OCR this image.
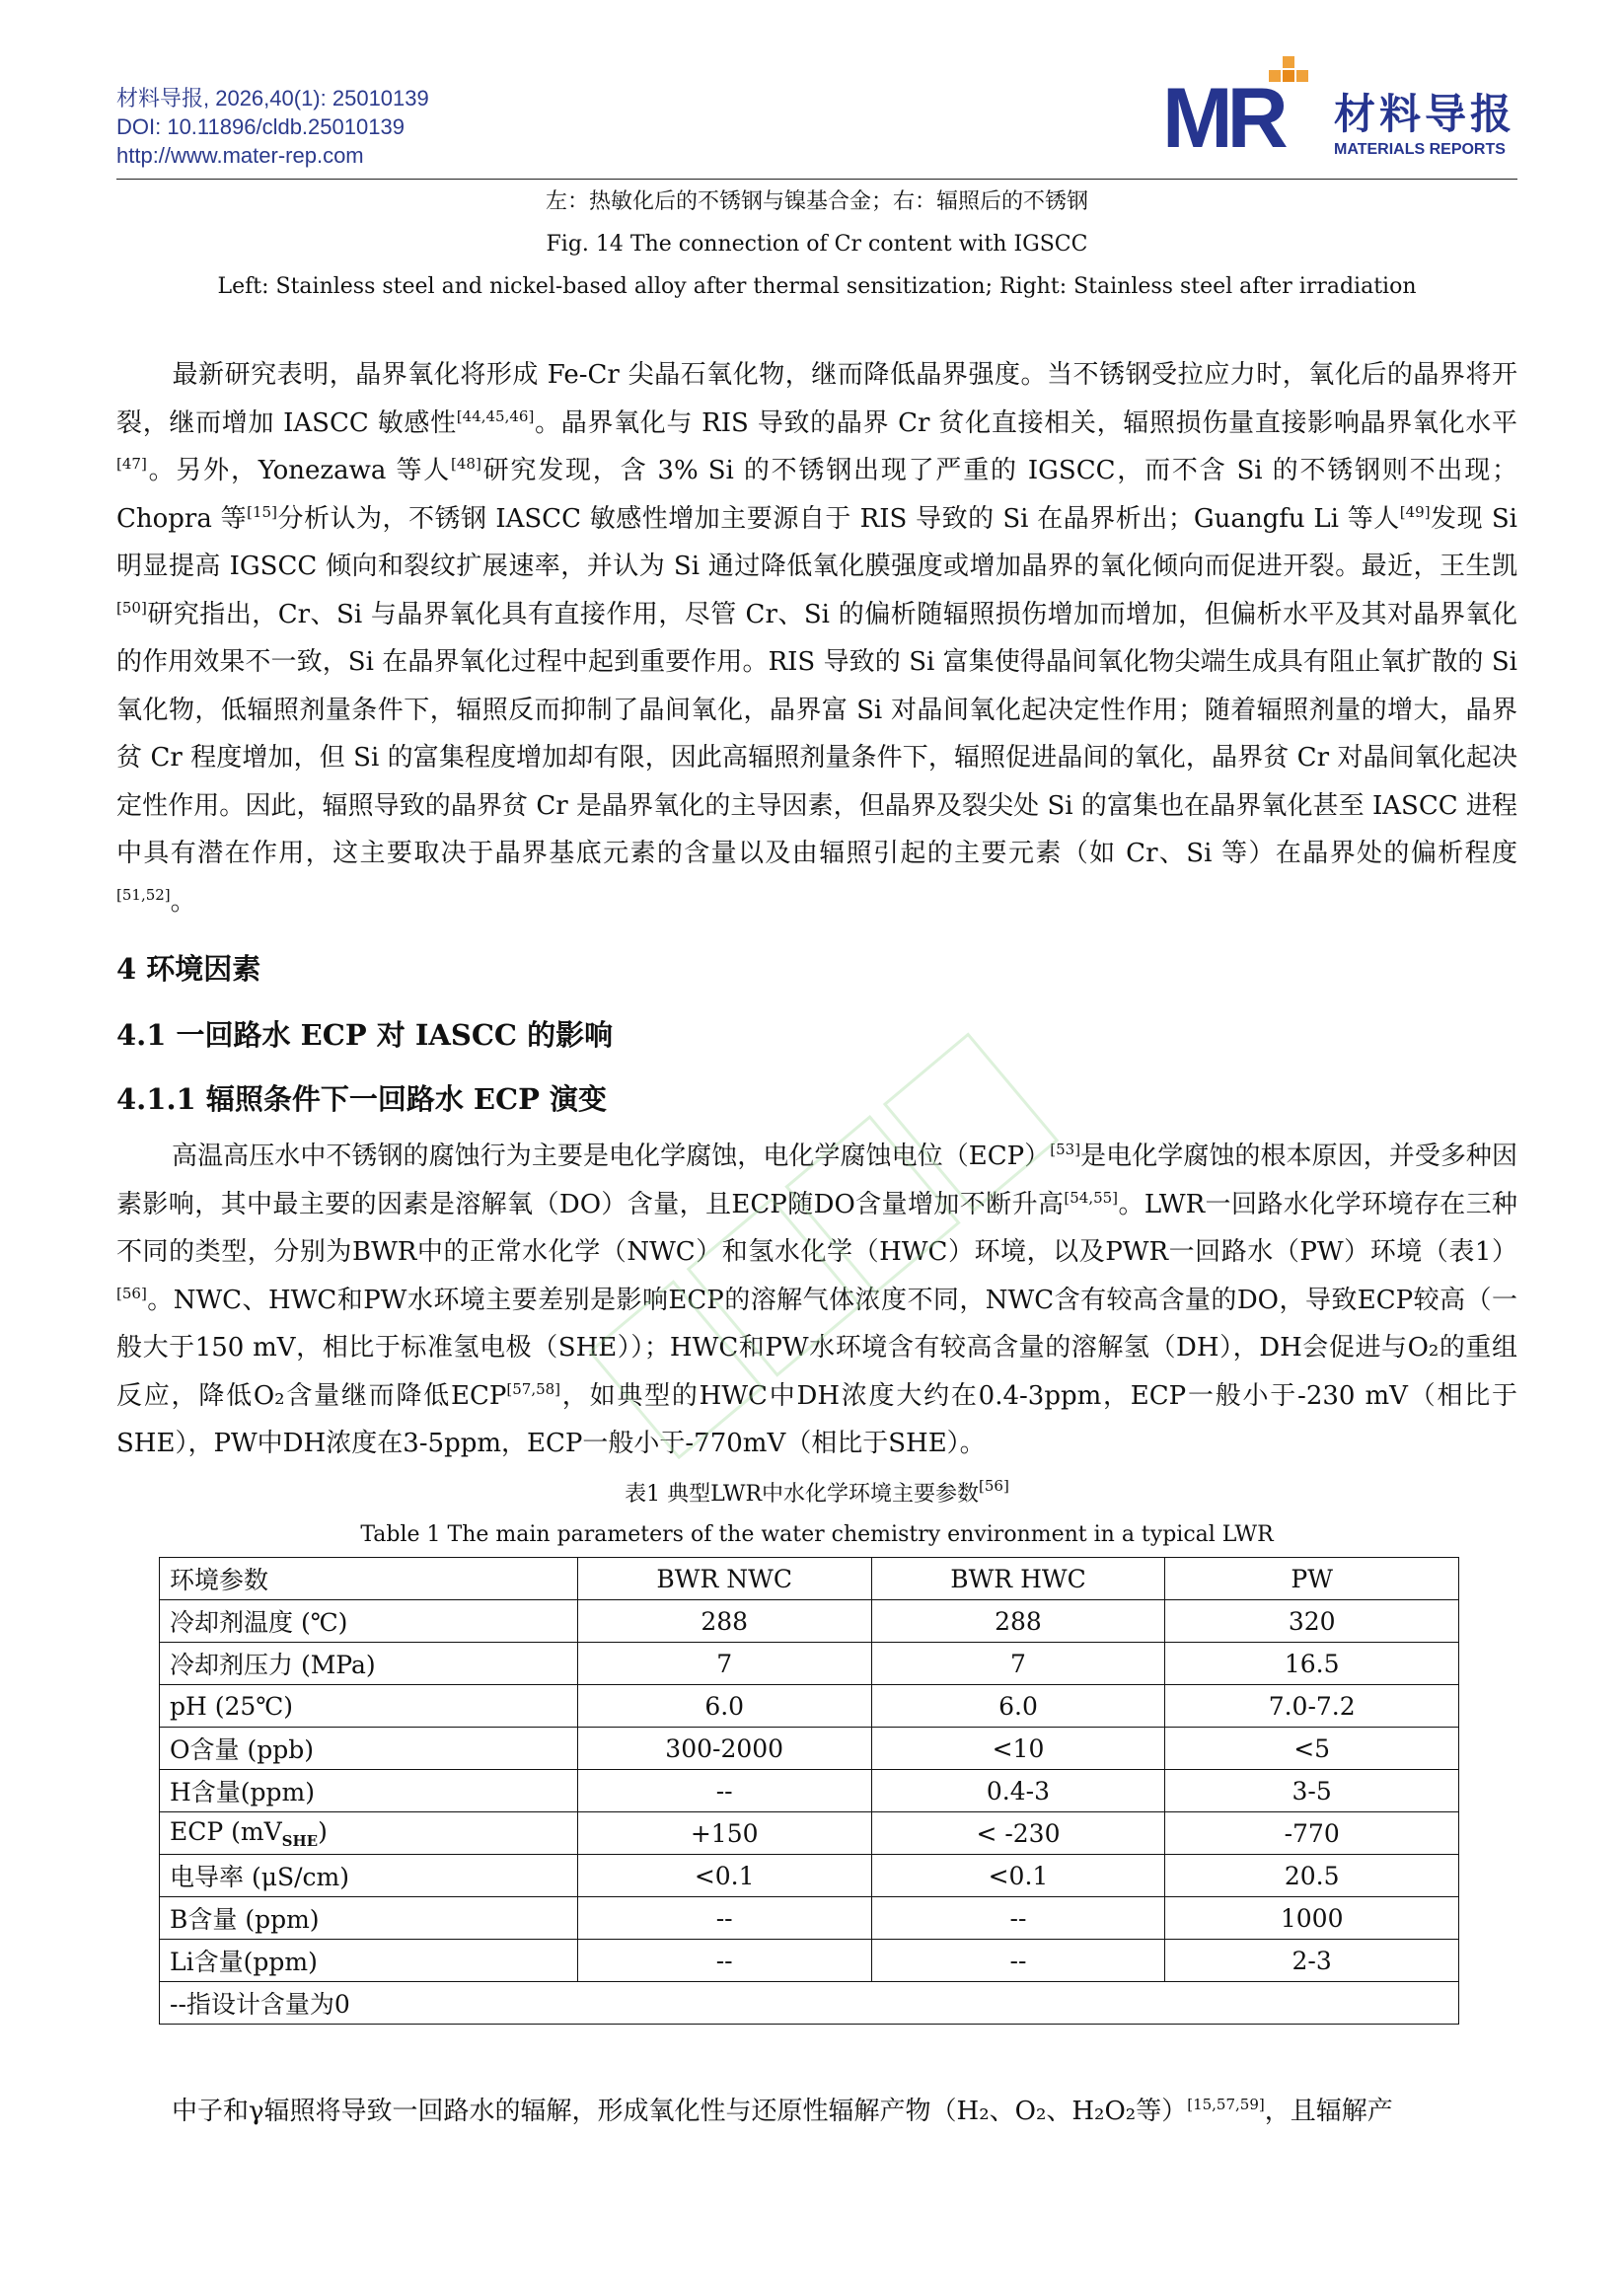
材料导报, 2026,40(1): 25010139
DOI: 10.11896/cldb.25010139
http://www.mater-rep.com	MR 材料导报
MATERIALS REPORTS
左：热敏化后的不锈钢与镍基合金；右：辐照后的不锈钢
Fig. 14 The connection of Cr content with IGSCC
Left: Stainless steel and nickel-based alloy after thermal sensitization; Right: Stainless steel after irradiation
最新研究表明，晶界氧化将形成 Fe-Cr 尖晶石氧化物，继而降低晶界强度。当不锈钢受拉应力时，氧化后的晶界将开裂，继而增加 IASCC 敏感性[44,45,46]。晶界氧化与 RIS 导致的晶界 Cr 贫化直接相关，辐照损伤量直接影响晶界氧化水平[47]。另外，Yonezawa 等人[48]研究发现，含 3% Si 的不锈钢出现了严重的 IGSCC，而不含 Si 的不锈钢则不出现；Chopra 等[15]分析认为，不锈钢 IASCC 敏感性增加主要源自于 RIS 导致的 Si 在晶界析出；Guangfu Li 等人[49]发现 Si 明显提高 IGSCC 倾向和裂纹扩展速率，并认为 Si 通过降低氧化膜强度或增加晶界的氧化倾向而促进开裂。最近，王生凯[50]研究指出，Cr、Si 与晶界氧化具有直接作用，尽管 Cr、Si 的偏析随辐照损伤增加而增加，但偏析水平及其对晶界氧化的作用效果不一致，Si 在晶界氧化过程中起到重要作用。RIS 导致的 Si 富集使得晶间氧化物尖端生成具有阻止氧扩散的 Si 氧化物，低辐照剂量条件下，辐照反而抑制了晶间氧化，晶界富 Si 对晶间氧化起决定性作用；随着辐照剂量的增大，晶界贫 Cr 程度增加，但 Si 的富集程度增加却有限，因此高辐照剂量条件下，辐照促进晶间的氧化，晶界贫 Cr 对晶间氧化起决定性作用。因此，辐照导致的晶界贫 Cr 是晶界氧化的主导因素，但晶界及裂尖处 Si 的富集也在晶界氧化甚至 IASCC 进程中具有潜在作用，这主要取决于晶界基底元素的含量以及由辐照引起的主要元素（如 Cr、Si 等）在晶界处的偏析程度[51,52]。
4 环境因素
4.1 一回路水 ECP 对 IASCC 的影响
4.1.1 辐照条件下一回路水 ECP 演变
高温高压水中不锈钢的腐蚀行为主要是电化学腐蚀，电化学腐蚀电位（ECP）[53]是电化学腐蚀的根本原因，并受多种因素影响，其中最主要的因素是溶解氧（DO）含量，且ECP随DO含量增加不断升高[54,55]。LWR一回路水化学环境存在三种不同的类型，分别为BWR中的正常水化学（NWC）和氢水化学（HWC）环境，以及PWR一回路水（PW）环境（表1）[56]。NWC、HWC和PW水环境主要差别是影响ECP的溶解气体浓度不同，NWC含有较高含量的DO，导致ECP较高（一般大于150 mV，相比于标准氢电极（SHE））；HWC和PW水环境含有较高含量的溶解氢（DH），DH会促进与O₂的重组反应，降低O₂含量继而降低ECP[57,58]，如典型的HWC中DH浓度大约在0.4-3ppm，ECP一般小于-230 mV（相比于SHE），PW中DH浓度在3-5ppm，ECP一般小于-770mV（相比于SHE）。
表1 典型LWR中水化学环境主要参数[56]
Table 1 The main parameters of the water chemistry environment in a typical LWR
环境参数	BWR NWC	BWR HWC	PW
冷却剂温度 (℃)	288	288	320
冷却剂压力 (MPa)	7	7	16.5
pH (25℃)	6.0	6.0	7.0-7.2
O含量 (ppb)	300-2000	<10	<5
H含量(ppm)	--	0.4-3	3-5
ECP $(mV_{SHE})$	+150	< -230	-770
电导率 (μS/cm)	<0.1	<0.1	20.5
B含量 (ppm)	--	--	1000
Li含量(ppm)	--	--	2-3
--指设计含量为0			
中子和γ辐照将导致一回路水的辐解，形成氧化性与还原性辐解产物（H₂、O₂、H₂O₂等）[15,57,59]，且辐解产
